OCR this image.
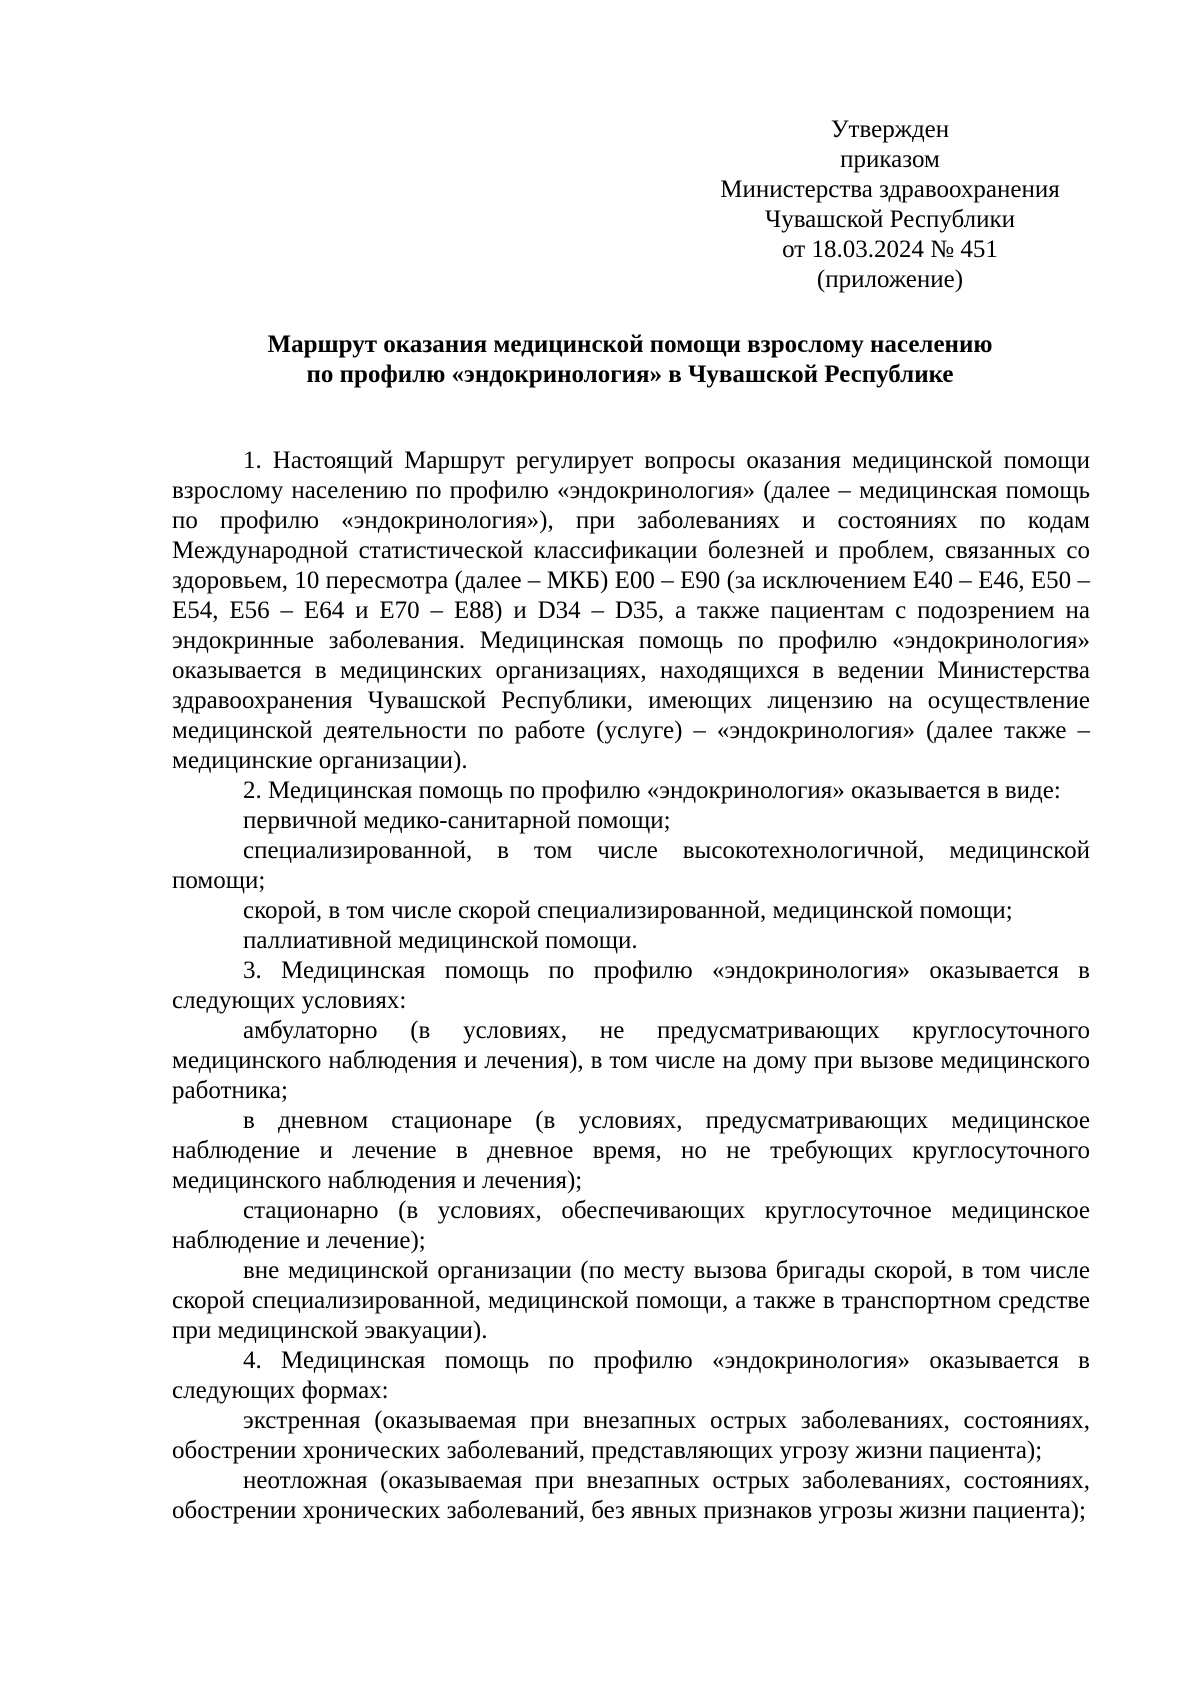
Утвержден
приказом
Министерства здравоохранения
Чувашской Республики
от 18.03.2024 № 451
(приложение)
Маршрут оказания медицинской помощи взрослому населению
по профилю «эндокринология» в Чувашской Республике

1. Настоящий Маршрут регулирует вопросы оказания медицинской помощи взрослому населению по профилю «эндокринология» (далее – медицинская помощь по профилю «эндокринология»), при заболеваниях и состояниях по кодам Международной статистической классификации болезней и проблем, связанных со здоровьем, 10 пересмотра (далее – МКБ) E00 – E90 (за исключением E40 – E46, E50 – E54, E56 – E64 и E70 – E88) и D34 – D35, а также пациентам с подозрением на эндокринные заболевания. Медицинская помощь по профилю «эндокринология» оказывается в медицинских организациях, находящихся в ведении Министерства здравоохранения Чувашской Республики, имеющих лицензию на осуществление медицинской деятельности по работе (услуге) – «эндокринология» (далее также – медицинские организации).

2. Медицинская помощь по профилю «эндокринология» оказывается в виде:

первичной медико-санитарной помощи;

специализированной, в том числе высокотехнологичной, медицинской помощи;

скорой, в том числе скорой специализированной, медицинской помощи;

паллиативной медицинской помощи.

3. Медицинская помощь по профилю «эндокринология» оказывается в следующих условиях:

амбулаторно (в условиях, не предусматривающих круглосуточного медицинского наблюдения и лечения), в том числе на дому при вызове медицинского работника;

в дневном стационаре (в условиях, предусматривающих медицинское наблюдение и лечение в дневное время, но не требующих круглосуточного медицинского наблюдения и лечения);

стационарно (в условиях, обеспечивающих круглосуточное медицинское наблюдение и лечение);

вне медицинской организации (по месту вызова бригады скорой, в том числе скорой специализированной, медицинской помощи, а также в транспортном средстве при медицинской эвакуации).

4. Медицинская помощь по профилю «эндокринология» оказывается в следующих формах:

экстренная (оказываемая при внезапных острых заболеваниях, состояниях, обострении хронических заболеваний, представляющих угрозу жизни пациента);

неотложная (оказываемая при внезапных острых заболеваниях, состояниях, обострении хронических заболеваний, без явных признаков угрозы жизни пациента);
